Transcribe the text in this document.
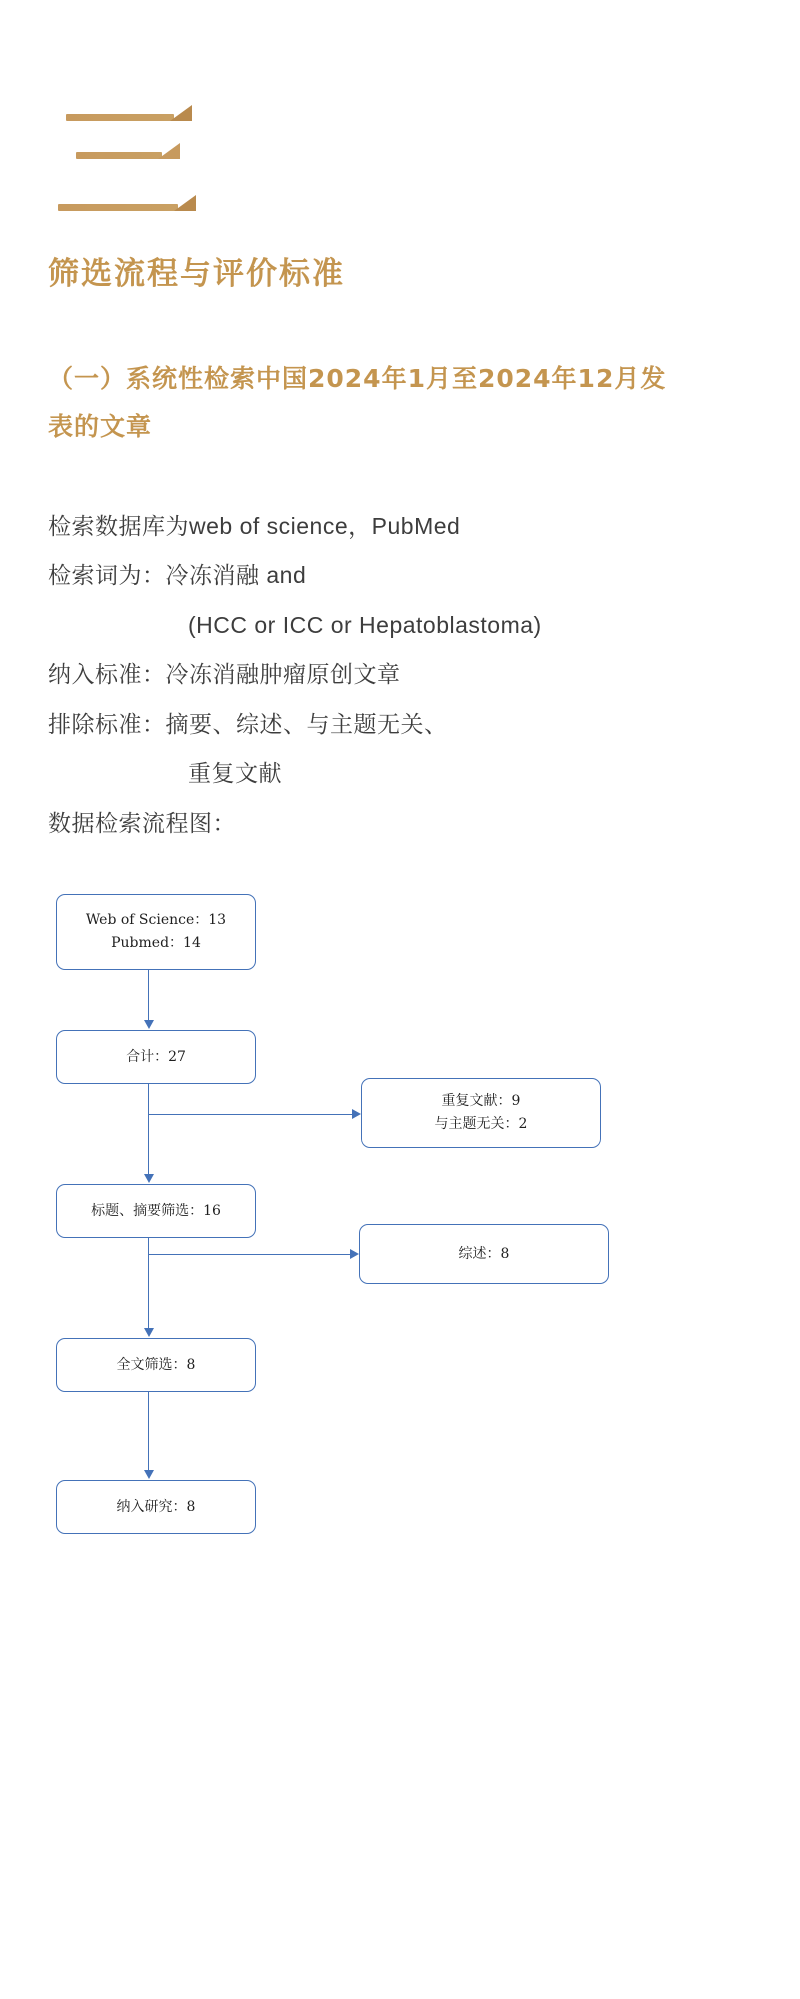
筛选流程与评价标准
（一）系统性检索中国2024年1月至2024年12月发表的文章
检索数据库为web of science，PubMed
检索词为：冷冻消融 and
(HCC or ICC or Hepatoblastoma)
纳入标准：冷冻消融肿瘤原创文章
排除标准：摘要、综述、与主题无关、
重复文献
数据检索流程图：
Web of Science：13
Pubmed：14
合计：27
重复文献：9
与主题无关：2
标题、摘要筛选：16
综述：8
全文筛选：8
纳入研究：8
